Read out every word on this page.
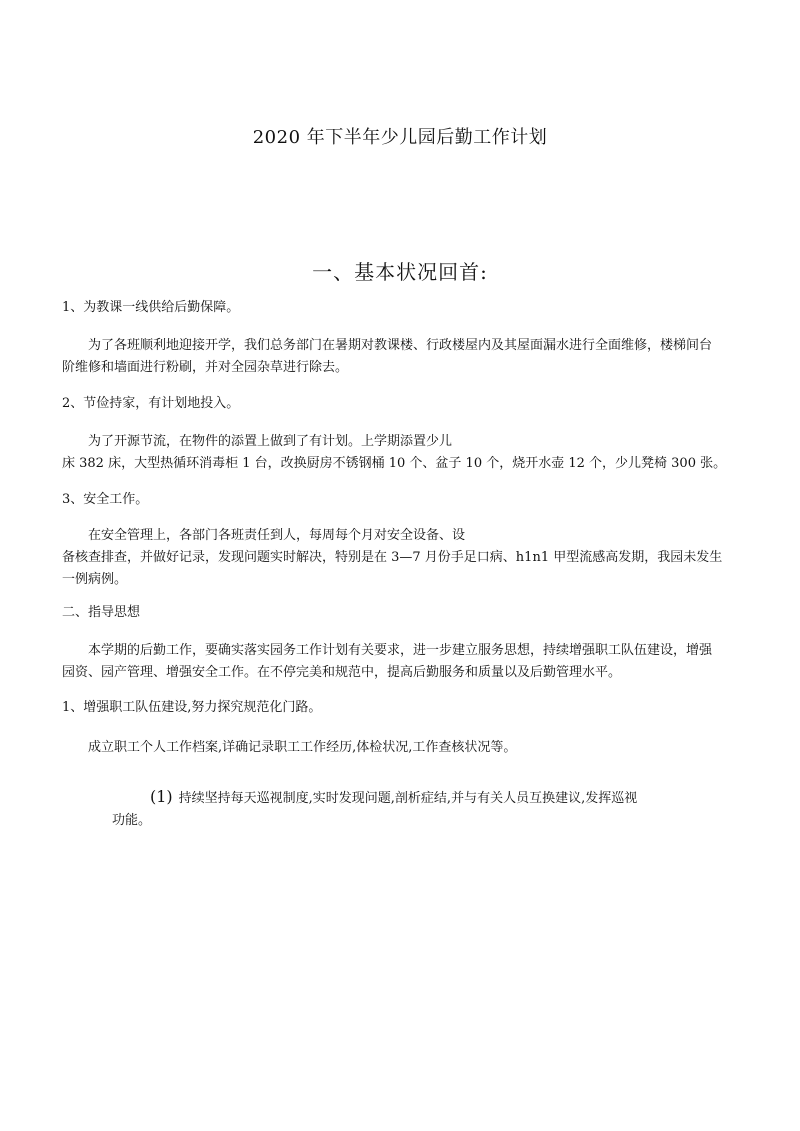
2020 年下半年少儿园后勤工作计划
一、基本状况回首:
1、为教课一线供给后勤保障。
为了各班顺利地迎接开学，我们总务部门在暑期对教课楼、行政楼屋内及其屋面漏水进行全面维修，楼梯间台
阶维修和墙面进行粉刷，并对全园杂草进行除去。
2、节俭持家，有计划地投入。
为了开源节流，在物件的添置上做到了有计划。上学期添置少儿
床 382 床，大型热循环消毒柜 1 台，改换厨房不锈钢桶 10 个、盆子 10 个，烧开水壶 12 个，少儿凳椅 300 张。
3、安全工作。
在安全管理上，各部门各班责任到人，每周每个月对安全设备、设
备核查排查，并做好记录，发现问题实时解决，特别是在 3—7 月份手足口病、h1n1 甲型流感高发期，我园未发生
一例病例。
二、指导思想
本学期的后勤工作，要确实落实园务工作计划有关要求，进一步建立服务思想，持续增强职工队伍建设，增强
园资、园产管理、增强安全工作。在不停完美和规范中，提高后勤服务和质量以及后勤管理水平。
1、增强职工队伍建设,努力探究规范化门路。
成立职工个人工作档案,详确记录职工工作经历,体检状况,工作查核状况等。
(1) 持续坚持每天巡视制度,实时发现问题,剖析症结,并与有关人员互换建议,发挥巡视
功能。
